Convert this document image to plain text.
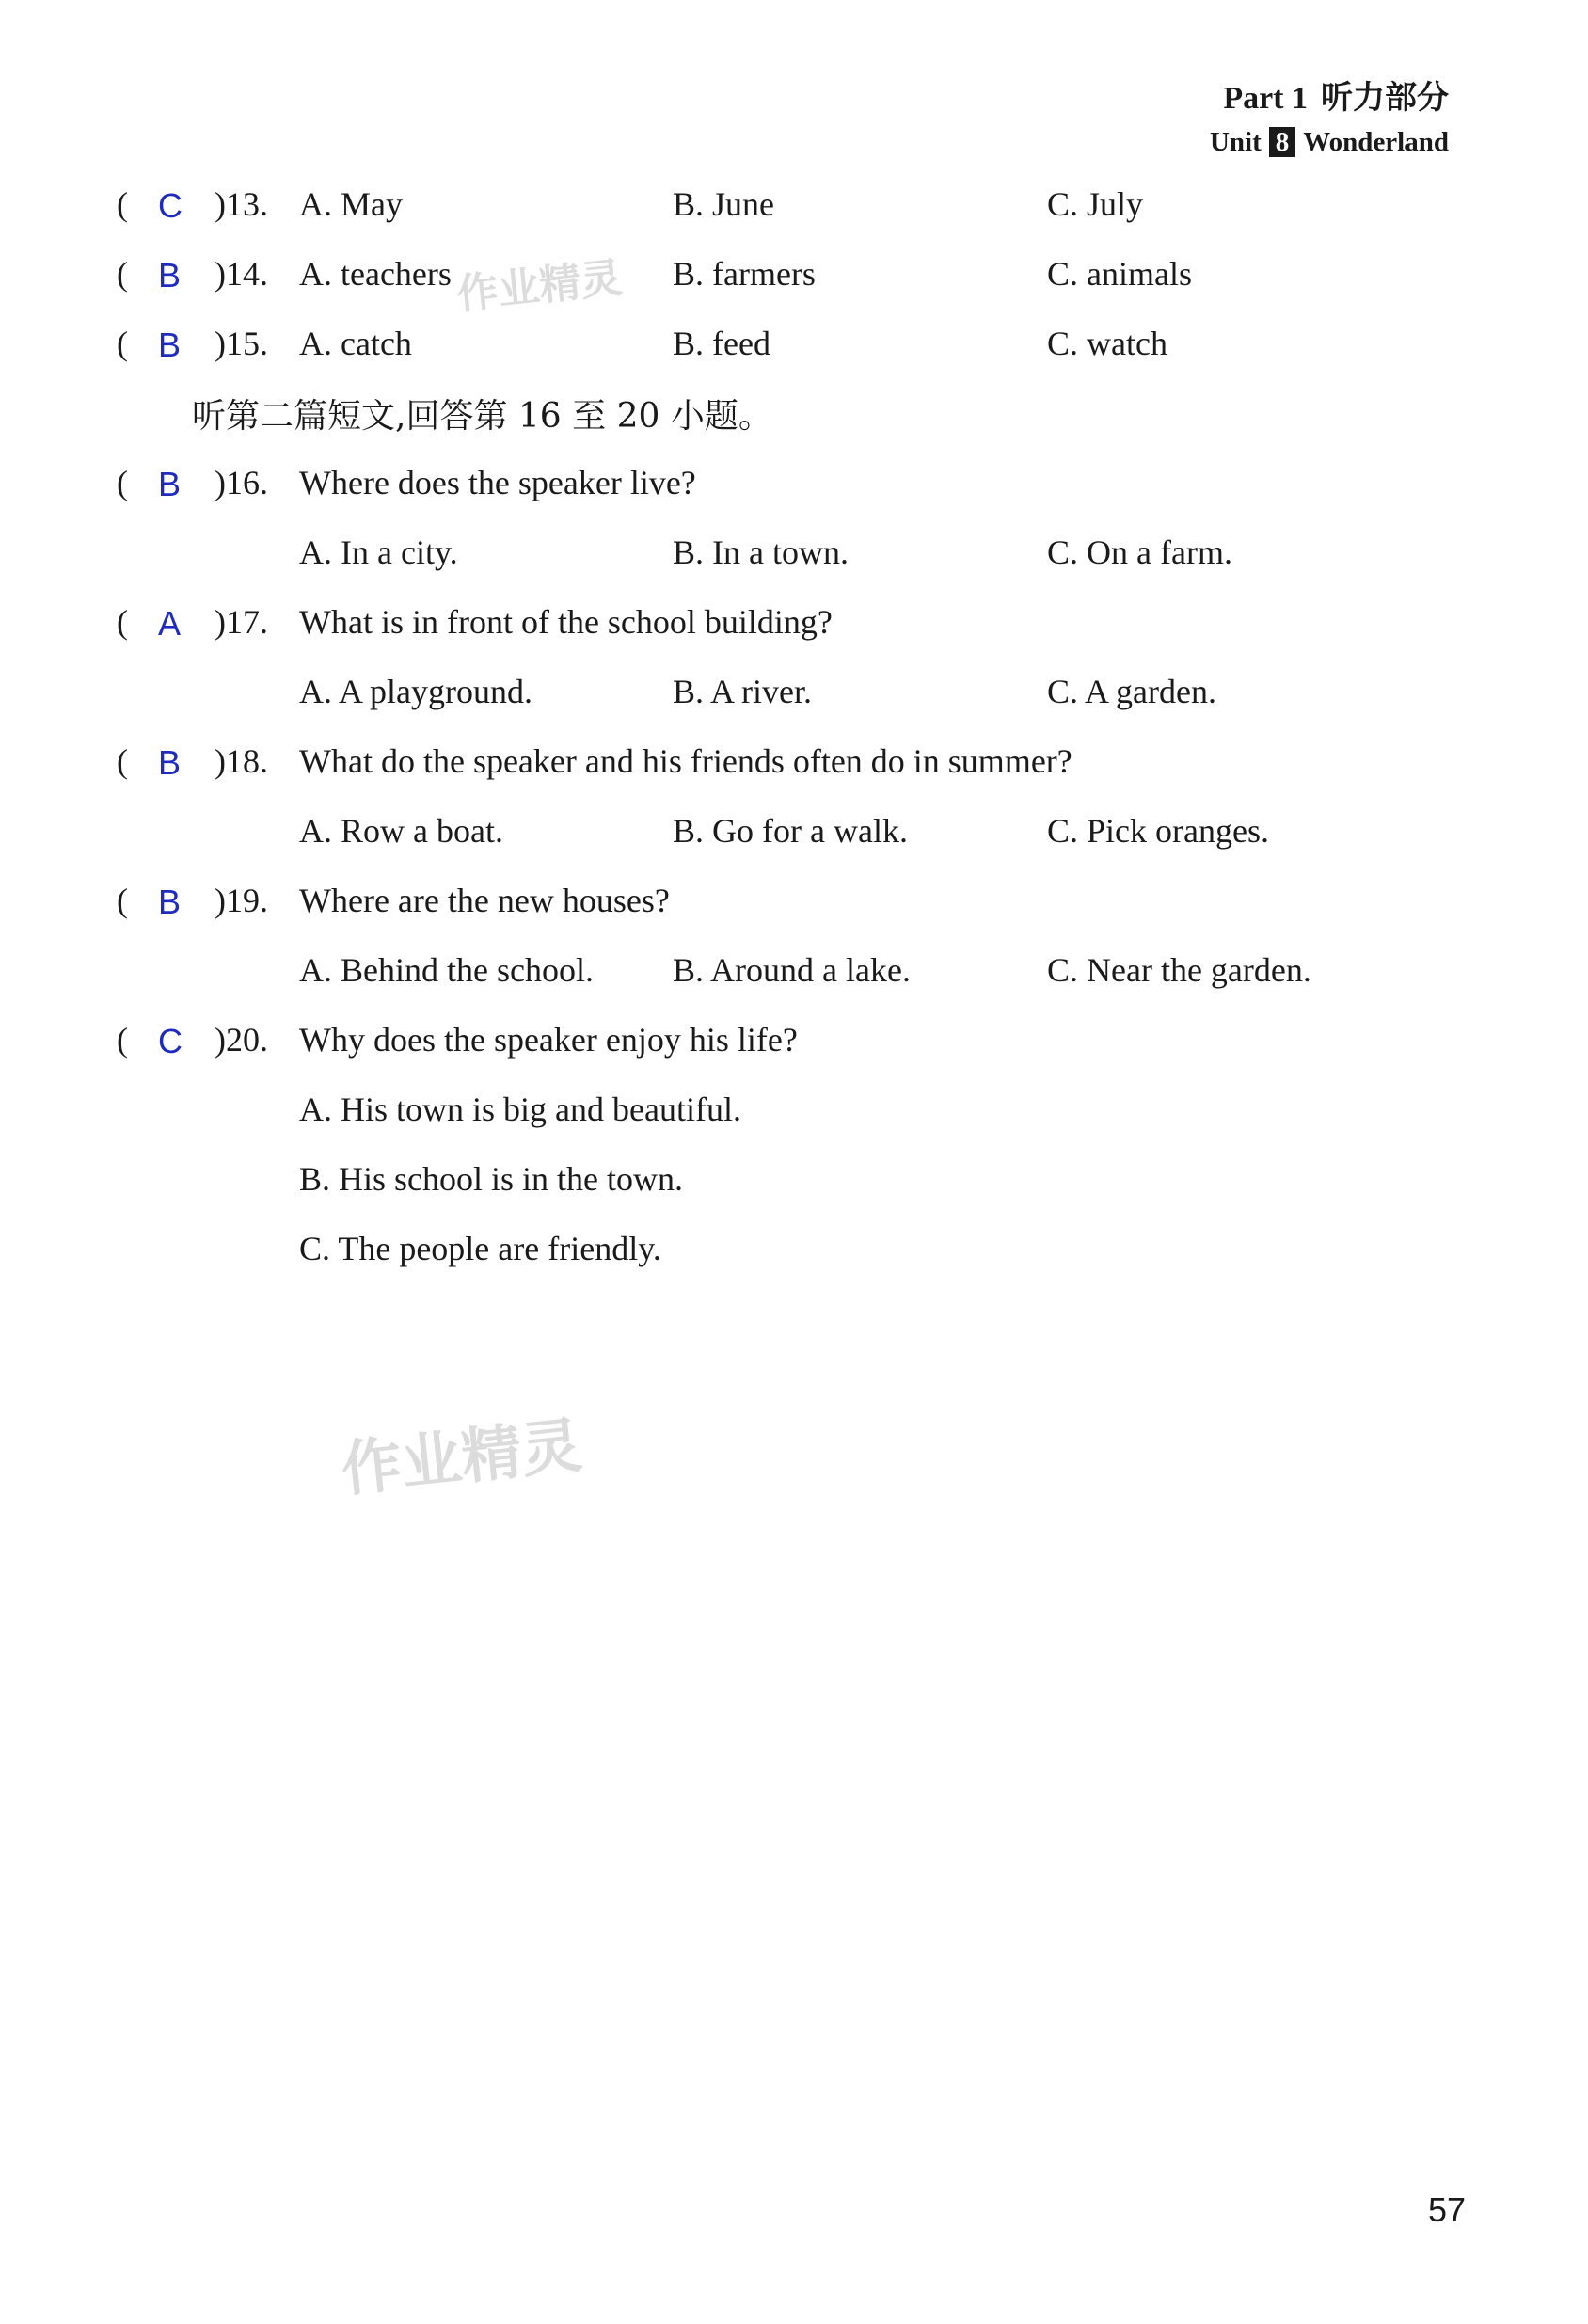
Part 1 听力部分
Unit 8 Wonderland
( C )13. A. May	B. June	C. July
( B )14. A. teachers	B. farmers	C. animals
( B )15. A. catch	B. feed	C. watch
听第二篇短文,回答第 16 至 20 小题。
( B )16. Where does the speaker live?
A. In a city.	B. In a town.	C. On a farm.
( A )17. What is in front of the school building?
A. A playground.	B. A river.	C. A garden.
( B )18. What do the speaker and his friends often do in summer?
A. Row a boat.	B. Go for a walk.	C. Pick oranges.
( B )19. Where are the new houses?
A. Behind the school. B. Around a lake.	C. Near the garden.
( C )20. Why does the speaker enjoy his life?
A. His town is big and beautiful.
B. His school is in the town.
C. The people are friendly.
作业精灵
作业精灵
57
